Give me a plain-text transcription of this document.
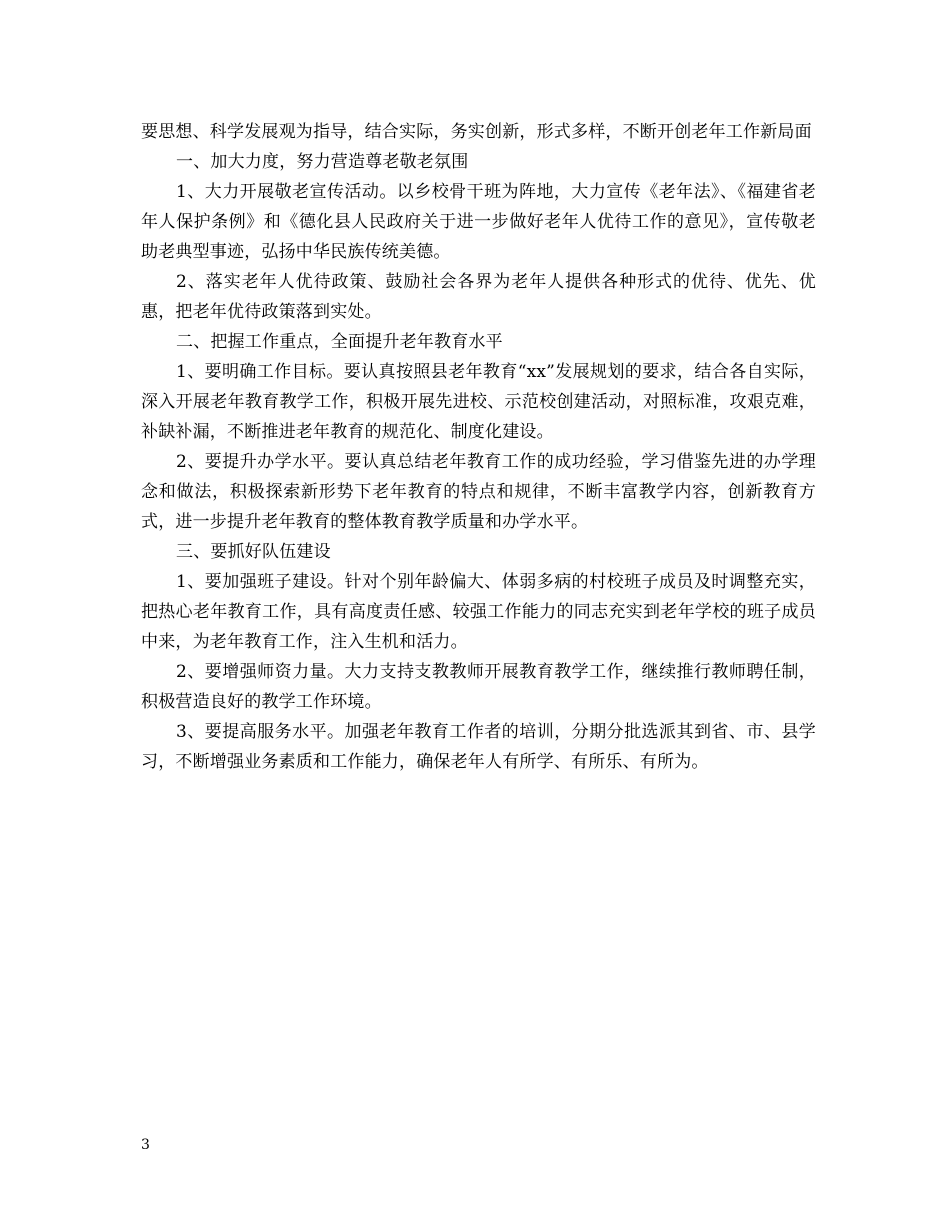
要思想、科学发展观为指导，结合实际，务实创新，形式多样，不断开创老年工作新局面

一、加大力度，努力营造尊老敬老氛围

1、大力开展敬老宣传活动。以乡校骨干班为阵地，大力宣传《老年法》、《福建省老年人保护条例》和《德化县人民政府关于进一步做好老年人优待工作的意见》，宣传敬老助老典型事迹，弘扬中华民族传统美德。

2、落实老年人优待政策、鼓励社会各界为老年人提供各种形式的优待、优先、优惠，把老年优待政策落到实处。

二、把握工作重点，全面提升老年教育水平

1、要明确工作目标。要认真按照县老年教育“xx”发展规划的要求，结合各自实际，深入开展老年教育教学工作，积极开展先进校、示范校创建活动，对照标准，攻艰克难，补缺补漏，不断推进老年教育的规范化、制度化建设。

2、要提升办学水平。要认真总结老年教育工作的成功经验，学习借鉴先进的办学理念和做法，积极探索新形势下老年教育的特点和规律，不断丰富教学内容，创新教育方式，进一步提升老年教育的整体教育教学质量和办学水平。

三、要抓好队伍建设

1、要加强班子建设。针对个别年龄偏大、体弱多病的村校班子成员及时调整充实，把热心老年教育工作，具有高度责任感、较强工作能力的同志充实到老年学校的班子成员中来，为老年教育工作，注入生机和活力。

2、要增强师资力量。大力支持支教教师开展教育教学工作，继续推行教师聘任制，积极营造良好的教学工作环境。

3、要提高服务水平。加强老年教育工作者的培训，分期分批选派其到省、市、县学习，不断增强业务素质和工作能力，确保老年人有所学、有所乐、有所为。

3
